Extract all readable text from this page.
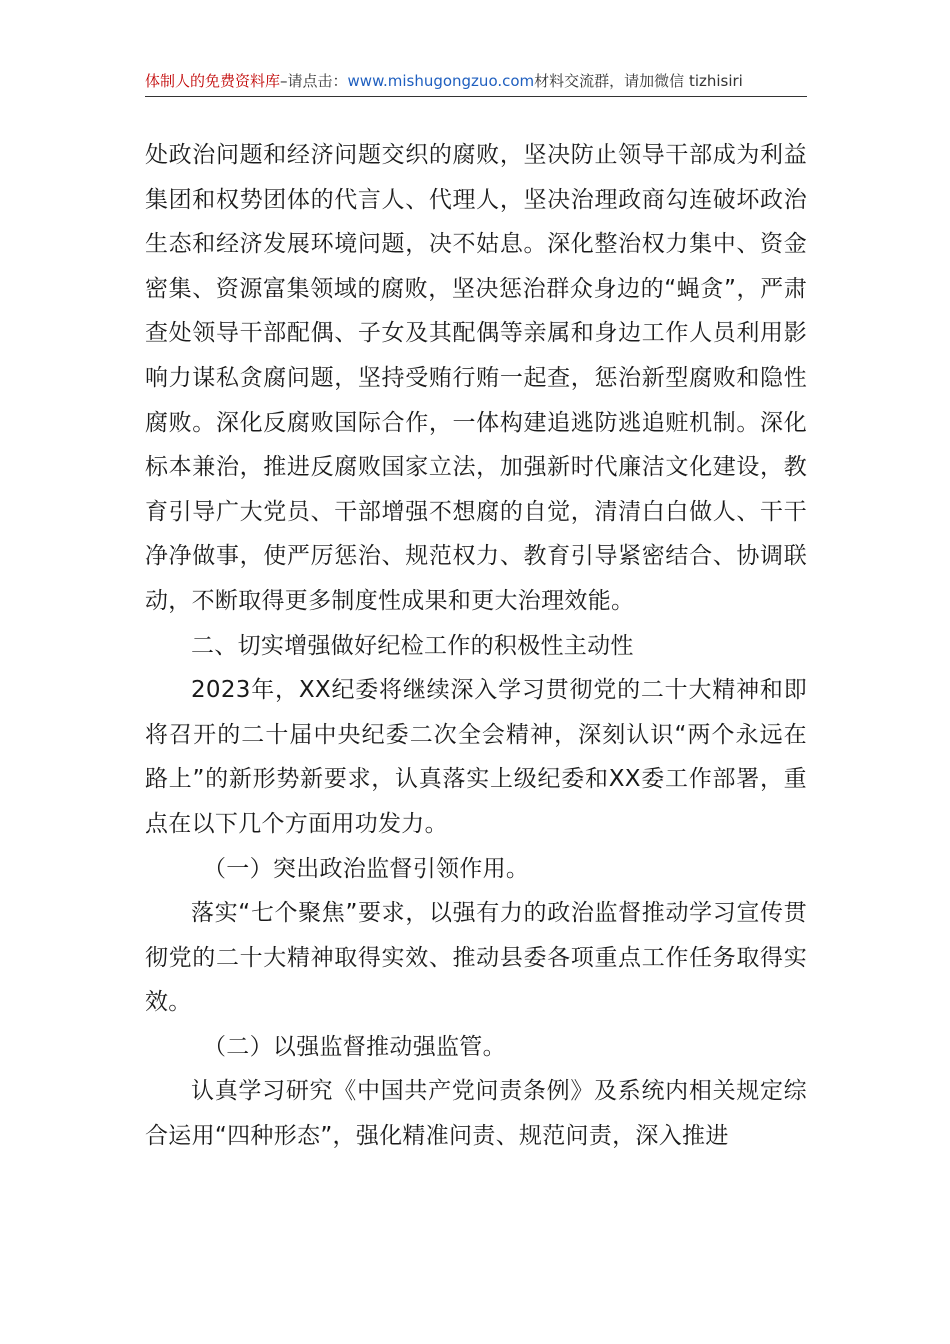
体制人的免费资料库–请点击：www.mishugongzuo.com材料交流群，请加微信 tizhisiri

处政治问题和经济问题交织的腐败，坚决防止领导干部成为利益集团和权势团体的代言人、代理人，坚决治理政商勾连破坏政治生态和经济发展环境问题，决不姑息。深化整治权力集中、资金密集、资源富集领域的腐败，坚决惩治群众身边的“蝇贪”，严肃查处领导干部配偶、子女及其配偶等亲属和身边工作人员利用影响力谋私贪腐问题，坚持受贿行贿一起查，惩治新型腐败和隐性腐败。深化反腐败国际合作，一体构建追逃防逃追赃机制。深化标本兼治，推进反腐败国家立法，加强新时代廉洁文化建设，教育引导广大党员、干部增强不想腐的自觉，清清白白做人、干干净净做事，使严厉惩治、规范权力、教育引导紧密结合、协调联动，不断取得更多制度性成果和更大治理效能。

二、切实增强做好纪检工作的积极性主动性

2023年，XX纪委将继续深入学习贯彻党的二十大精神和即将召开的二十届中央纪委二次全会精神，深刻认识“两个永远在路上”的新形势新要求，认真落实上级纪委和XX委工作部署，重点在以下几个方面用功发力。

（一）突出政治监督引领作用。

落实“七个聚焦”要求，以强有力的政治监督推动学习宣传贯彻党的二十大精神取得实效、推动县委各项重点工作任务取得实效。

（二）以强监督推动强监管。

认真学习研究《中国共产党问责条例》及系统内相关规定综合运用“四种形态”，强化精准问责、规范问责，深入推进
